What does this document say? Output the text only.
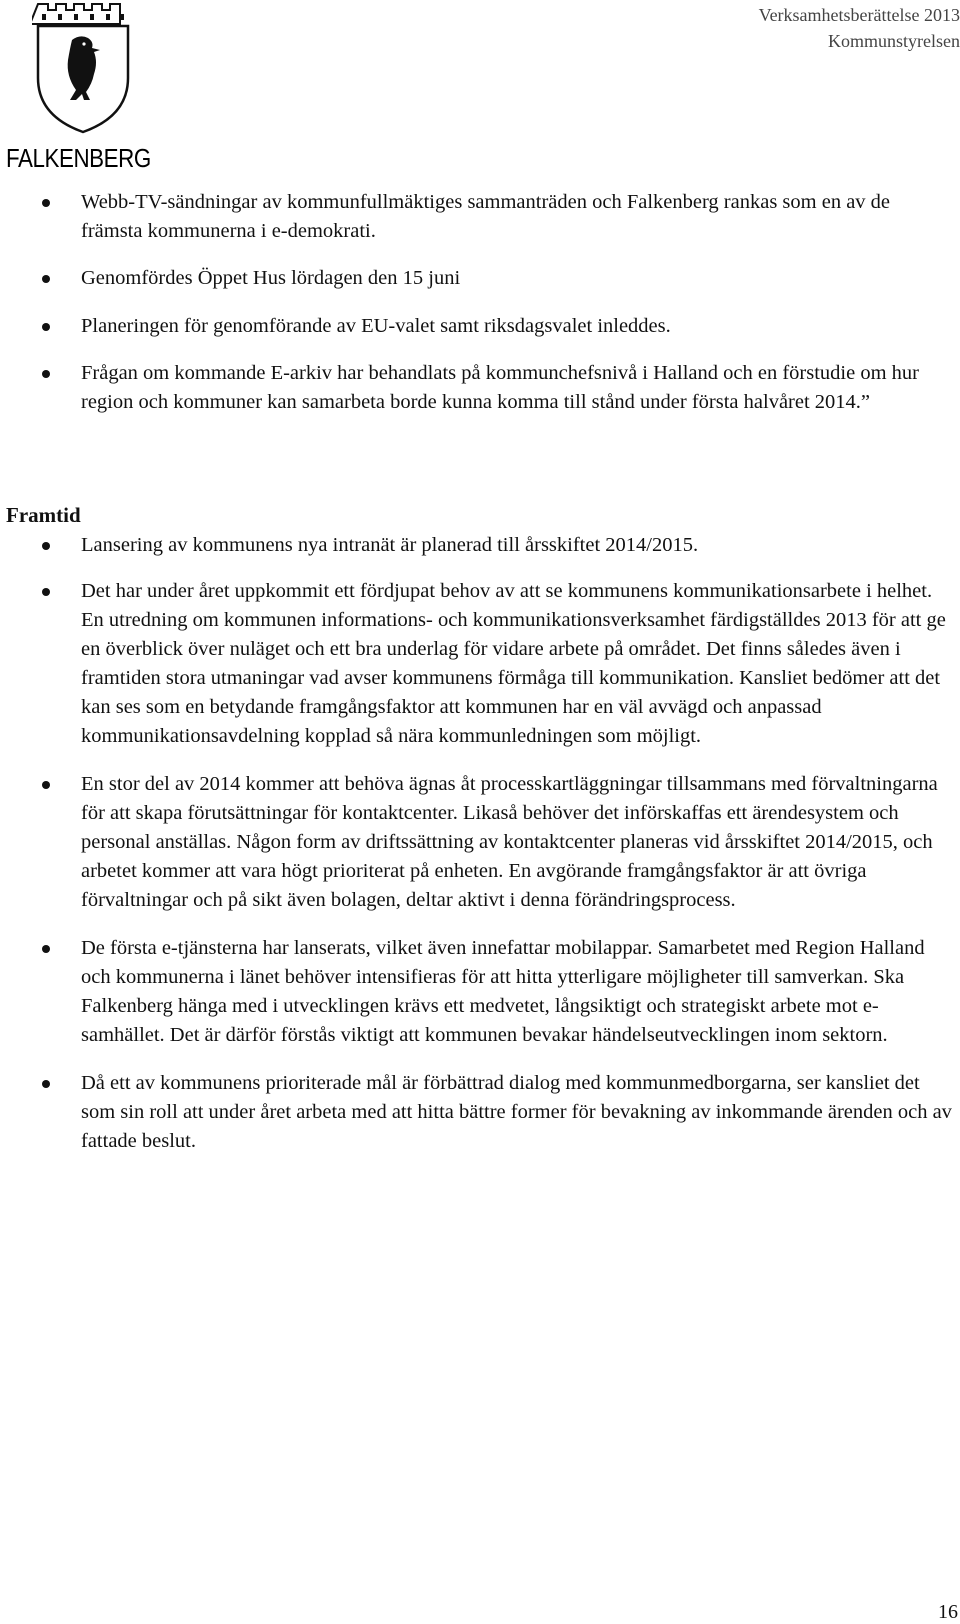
FALKENBERG
Verksamhetsberättelse 2013
Kommunstyrelsen
Webb-TV-sändningar av kommunfullmäktiges sammanträden och Falkenberg rankas som en av de främsta kommunerna i e-demokrati.
Genomfördes Öppet Hus lördagen den 15 juni
Planeringen för genomförande av EU-valet samt riksdagsvalet inleddes.
Frågan om kommande E-arkiv har behandlats på kommunchefsnivå i Halland och en förstudie om hur region och kommuner kan samarbeta borde kunna komma till stånd under första halvåret 2014.”
Framtid
Lansering av kommunens nya intranät är planerad till årsskiftet 2014/2015.
Det har under året uppkommit ett fördjupat behov av att se kommunens kommunikationsarbete i helhet. En utredning om kommunen informations- och kommunikationsverksamhet färdigställdes 2013 för att ge en överblick över nuläget och ett bra underlag för vidare arbete på området. Det finns således även i framtiden stora utmaningar vad avser kommunens förmåga till kommunikation. Kansliet bedömer att det kan ses som en betydande framgångsfaktor att kommunen har en väl avvägd och anpassad kommunikationsavdelning kopplad så nära kommunledningen som möjligt.
En stor del av 2014 kommer att behöva ägnas åt processkartläggningar tillsammans med förvaltningarna för att skapa förutsättningar för kontaktcenter. Likaså behöver det införskaffas ett ärendesystem och personal anställas. Någon form av driftssättning av kontaktcenter planeras vid årsskiftet 2014/2015, och arbetet kommer att vara högt prioriterat på enheten. En avgörande framgångsfaktor är att övriga förvaltningar och på sikt även bolagen, deltar aktivt i denna förändringsprocess.
De första e-tjänsterna har lanserats, vilket även innefattar mobilappar. Samarbetet med Region Halland och kommunerna i länet behöver intensifieras för att hitta ytterligare möjligheter till samverkan. Ska Falkenberg hänga med i utvecklingen krävs ett medvetet, långsiktigt och strategiskt arbete mot e-samhället. Det är därför förstås viktigt att kommunen bevakar händelseutvecklingen inom sektorn.
Då ett av kommunens prioriterade mål är förbättrad dialog med kommunmedborgarna, ser kansliet det som sin roll att under året arbeta med att hitta bättre former för bevakning av inkommande ärenden och av fattade beslut.
16
